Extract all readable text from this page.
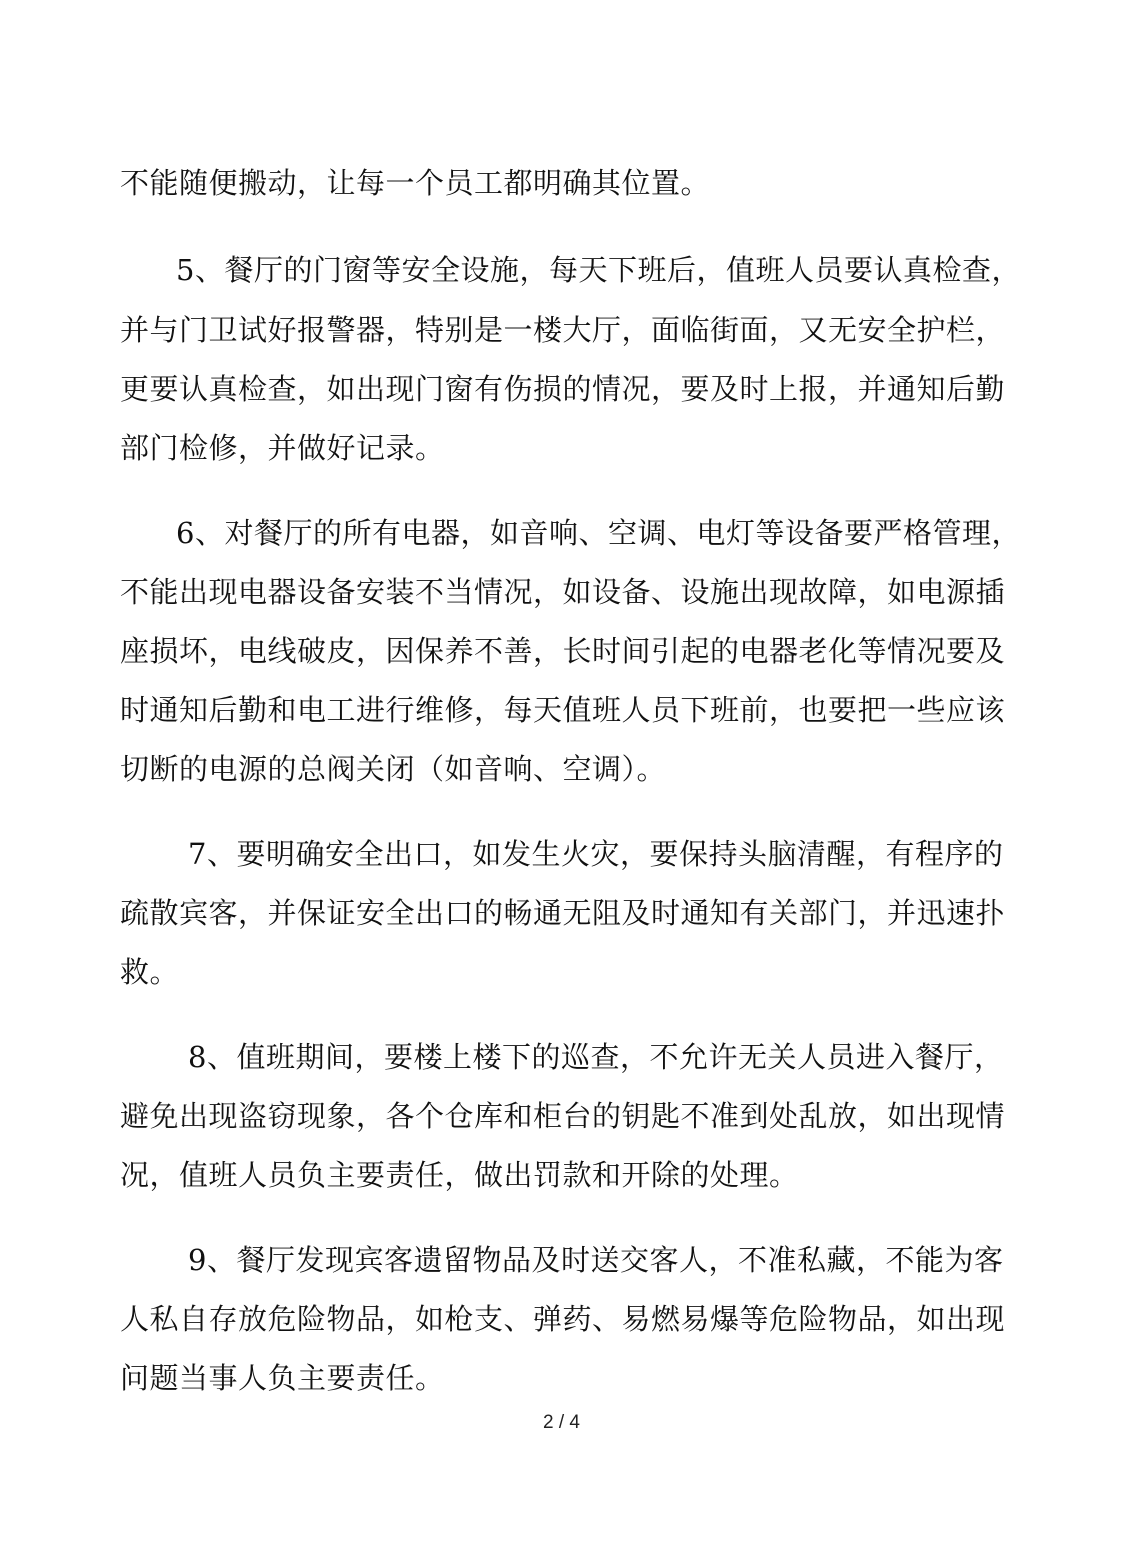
不能随便搬动，让每一个员工都明确其位置。
5、餐厅的门窗等安全设施，每天下班后，值班人员要认真检查，
并与门卫试好报警器，特别是一楼大厅，面临街面，又无安全护栏，
更要认真检查，如出现门窗有伤损的情况，要及时上报，并通知后勤
部门检修，并做好记录。
6、对餐厅的所有电器，如音响、空调、电灯等设备要严格管理，
不能出现电器设备安装不当情况，如设备、设施出现故障，如电源插
座损坏，电线破皮，因保养不善，长时间引起的电器老化等情况要及
时通知后勤和电工进行维修，每天值班人员下班前，也要把一些应该
切断的电源的总阀关闭（如音响、空调）。
7、要明确安全出口，如发生火灾，要保持头脑清醒，有程序的
疏散宾客，并保证安全出口的畅通无阻及时通知有关部门，并迅速扑
救。
8、值班期间，要楼上楼下的巡查，不允许无关人员进入餐厅，
避免出现盗窃现象，各个仓库和柜台的钥匙不准到处乱放，如出现情
况，值班人员负主要责任，做出罚款和开除的处理。
9、餐厅发现宾客遗留物品及时送交客人，不准私藏，不能为客
人私自存放危险物品，如枪支、弹药、易燃易爆等危险物品，如出现
问题当事人负主要责任。
2 / 4
